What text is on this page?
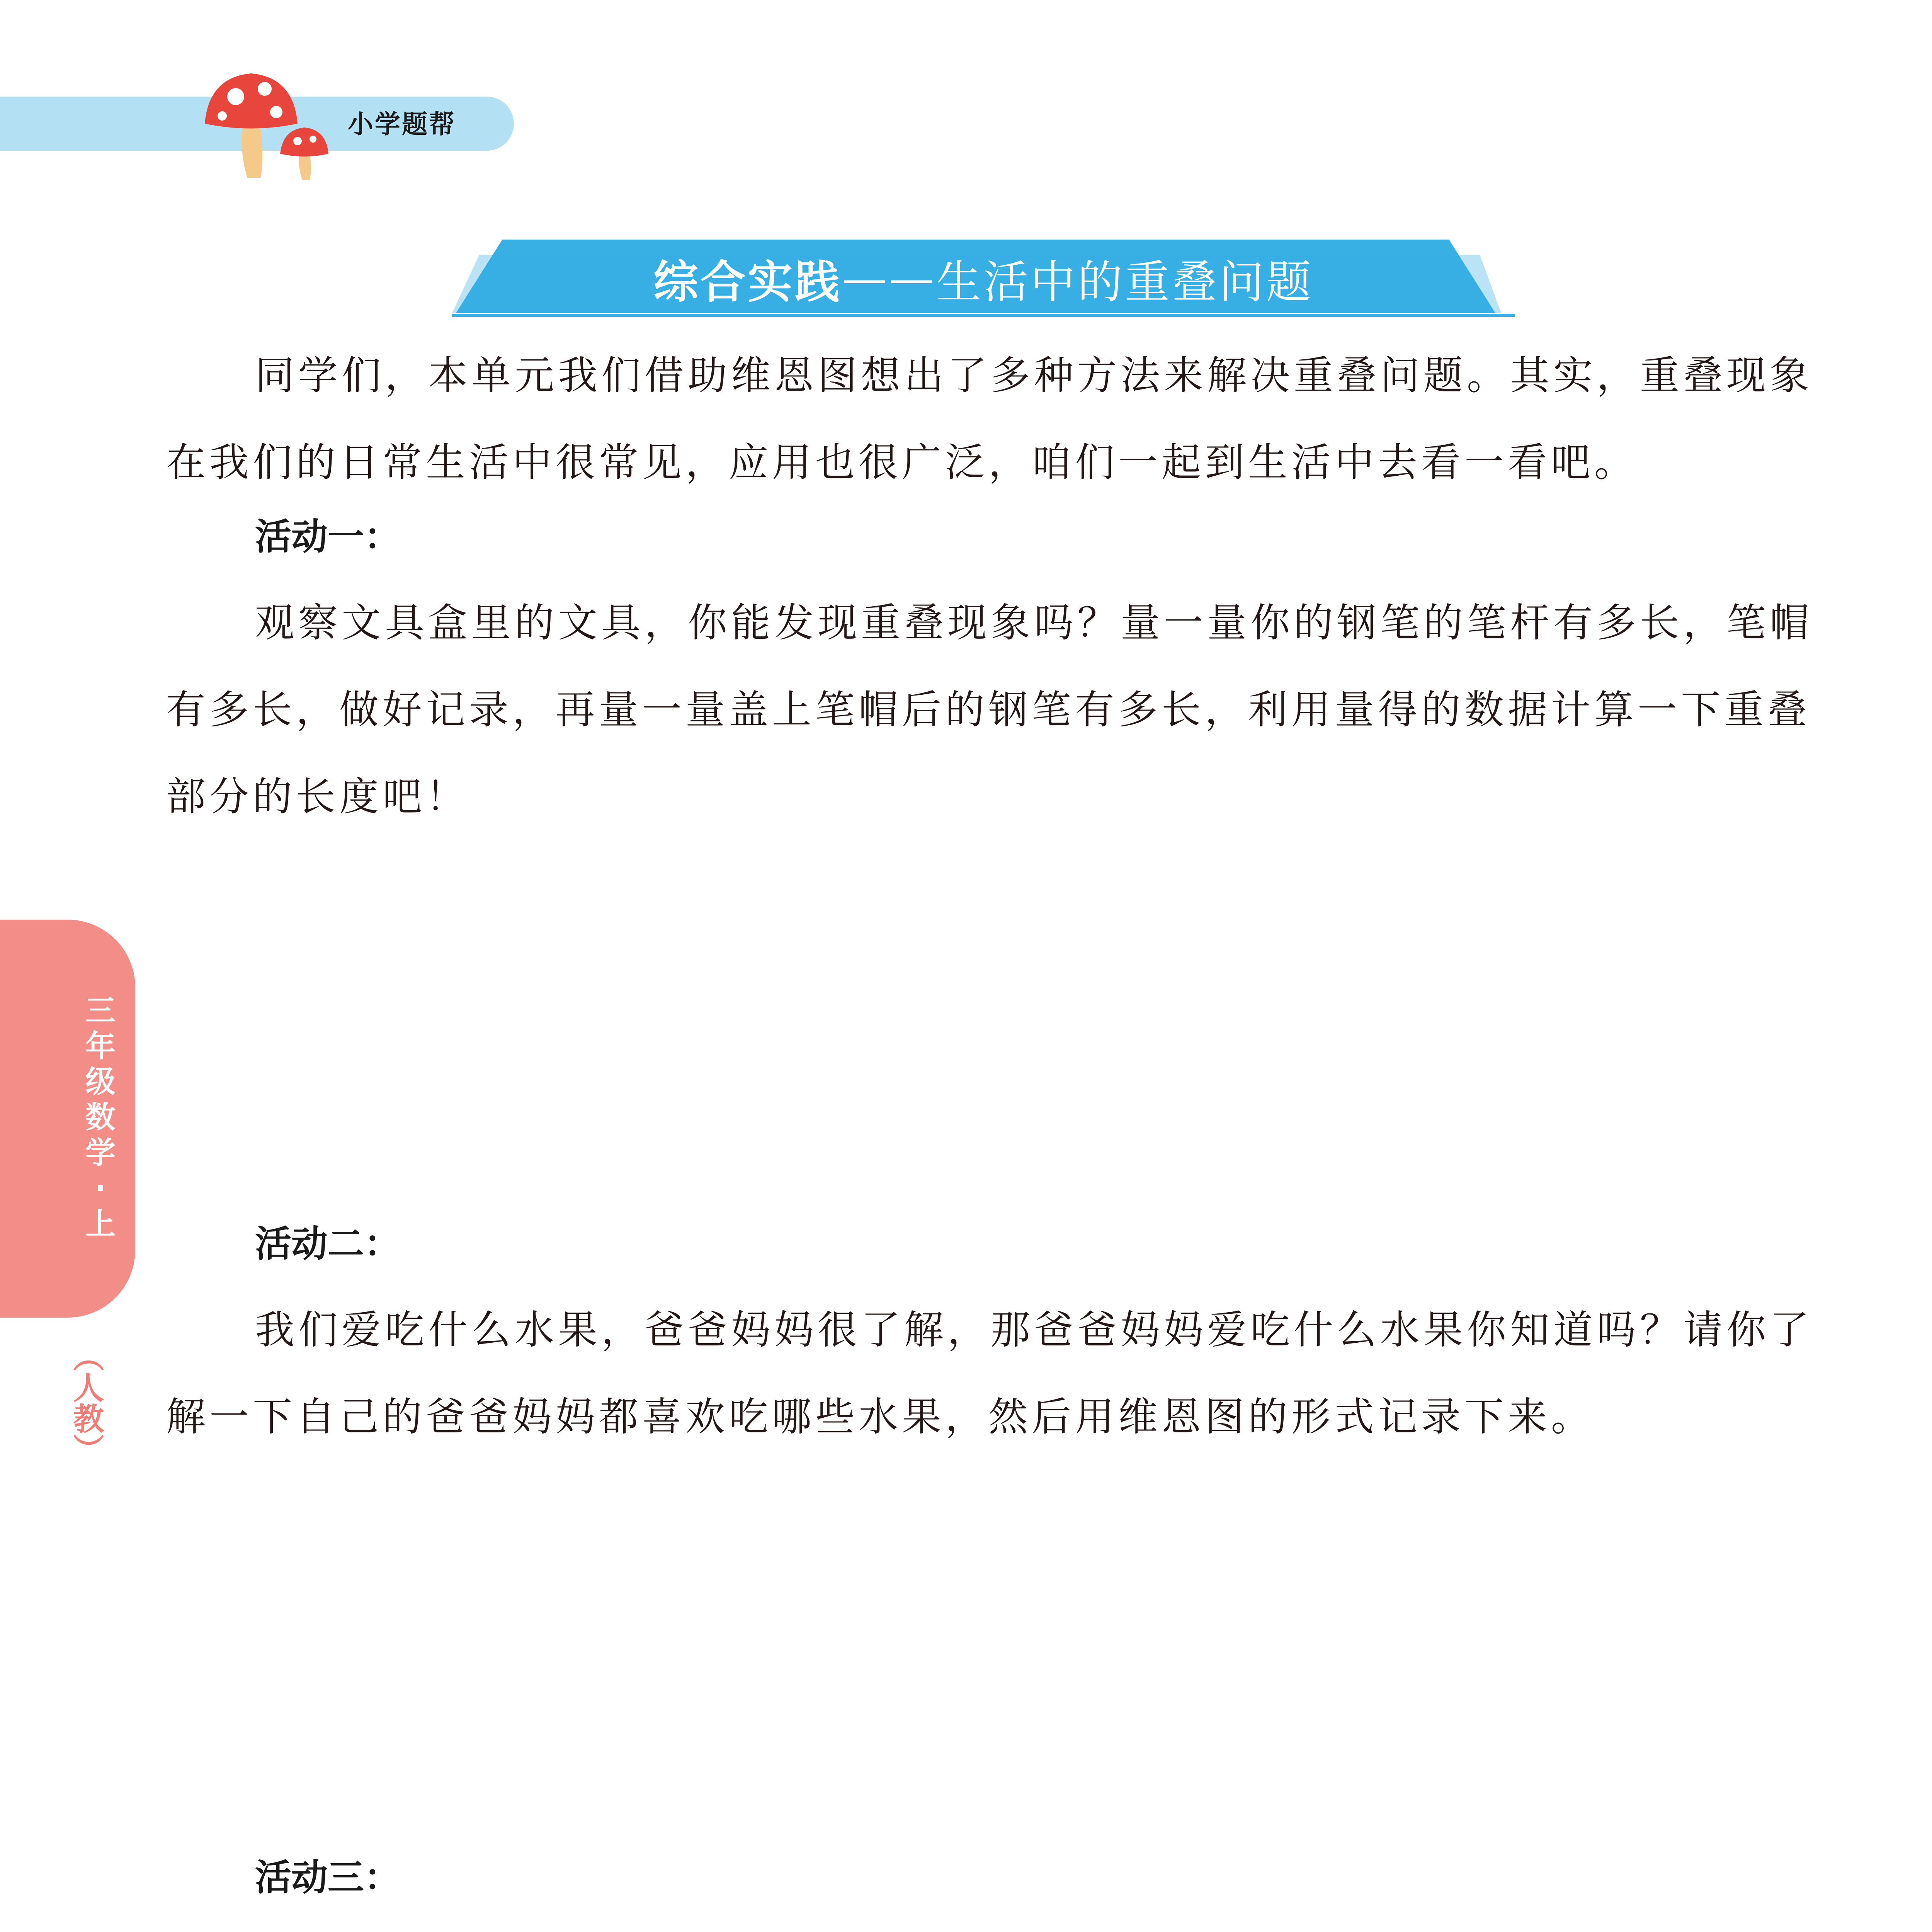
小学题帮
综合实践 —— 生活中的重叠问题

同学们，本单元我们借助维恩图想出了多种方法来解决重叠问题。其实，重叠现象在我们的日常生活中很常见，应用也很广泛，咱们一起到生活中去看一看吧。

活动一：

观察文具盒里的文具，你能发现重叠现象吗？量一量你的钢笔的笔杆有多长，笔帽有多长，做好记录，再量一量盖上笔帽后的钢笔有多长，利用量得的数据计算一下重叠部分的长度吧！

活动二：

我们爱吃什么水果，爸爸妈妈很了解，那爸爸妈妈爱吃什么水果你知道吗？请你了解一下自己的爸爸妈妈都喜欢吃哪些水果，然后用维恩图的形式记录下来。

活动三：

三年级数学·上
（人教）
